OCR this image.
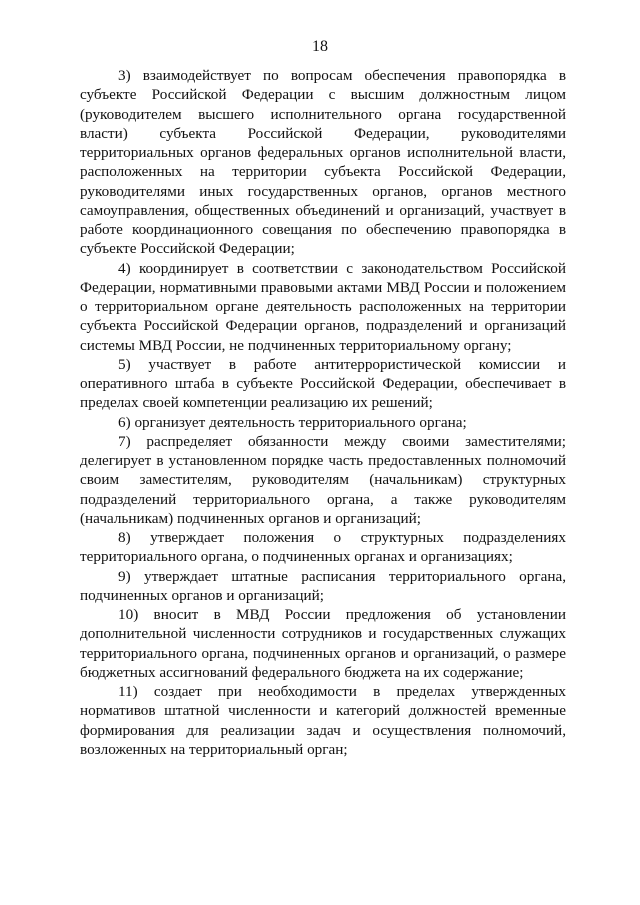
18

3) взаимодействует по вопросам обеспечения правопорядка в субъекте Российской Федерации с высшим должностным лицом (руководителем высшего исполнительного органа государственной власти) субъекта Российской Федерации, руководителями территориальных органов федеральных органов исполнительной власти, расположенных на территории субъекта Российской Федерации, руководителями иных государственных органов, органов местного самоуправления, общественных объединений и организаций, участвует в работе координационного совещания по обеспечению правопорядка в субъекте Российской Федерации;

4) координирует в соответствии с законодательством Российской Федерации, нормативными правовыми актами МВД России и положением о территориальном органе деятельность расположенных на территории субъекта Российской Федерации органов, подразделений и организаций системы МВД России, не подчиненных территориальному органу;

5) участвует в работе антитеррористической комиссии и оперативного штаба в субъекте Российской Федерации, обеспечивает в пределах своей компетенции реализацию их решений;

6) организует деятельность территориального органа;

7) распределяет обязанности между своими заместителями; делегирует в установленном порядке часть предоставленных полномочий своим заместителям, руководителям (начальникам) структурных подразделений территориального органа, а также руководителям (начальникам) подчиненных органов и организаций;

8) утверждает положения о структурных подразделениях территориального органа, о подчиненных органах и организациях;

9) утверждает штатные расписания территориального органа, подчиненных органов и организаций;

10) вносит в МВД России предложения об установлении дополнительной численности сотрудников и государственных служащих территориального органа, подчиненных органов и организаций, о размере бюджетных ассигнований федерального бюджета на их содержание;

11) создает при необходимости в пределах утвержденных нормативов штатной численности и категорий должностей временные формирования для реализации задач и осуществления полномочий, возложенных на территориальный орган;
